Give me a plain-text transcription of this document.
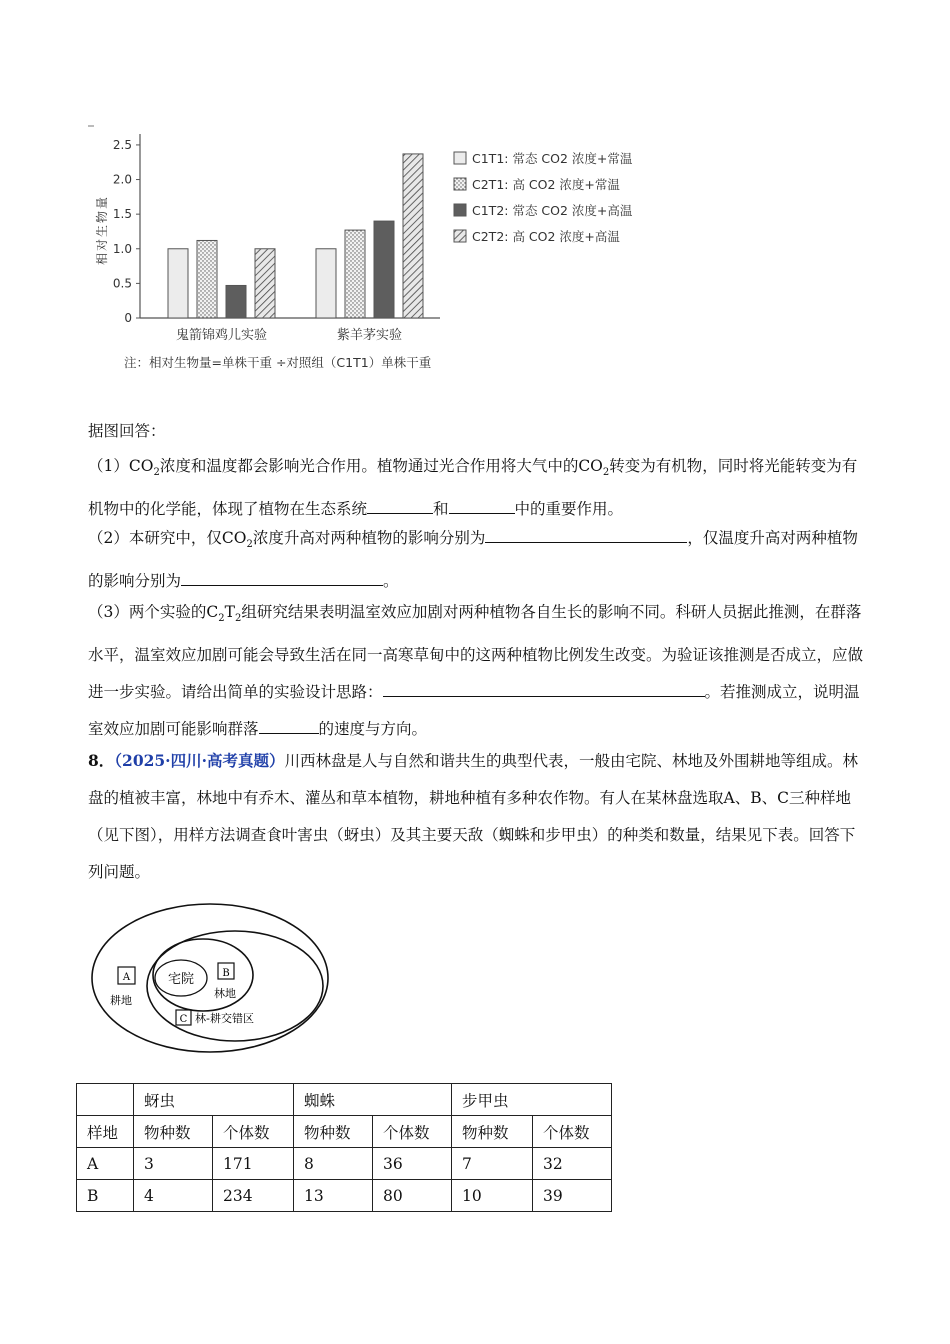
0
0.5
1.0
1.5
2.0
2.5
相对生物量
鬼箭锦鸡儿实验	紫羊茅实验
C1T1: 常态 CO2 浓度+常温
C2T1: 高 CO2 浓度+常温
C1T2: 常态 CO2 浓度+高温
C2T2: 高 CO2 浓度+高温
注：相对生物量=单株干重 ÷对照组（C1T1）单株干重
据图回答：
$(1)CO_2$浓度和温度都会影响光合作用。植物通过光合作用将大气中的$CO_2$转变为有机物，同时将光能转变为有机物中的化学能，体现了植物在生态系统	和	中的重要作用。
（2）本研究中，仅$CO_2$浓度升高对两种植物的影响分别为	，仅温度升高对两种植物的影响分别为	。
（3）两个实验的$C_2T_2$组研究结果表明温室效应加剧对两种植物各自生长的影响不同。科研人员据此推测，在群落水平，温室效应加剧可能会导致生活在同一高寒草甸中的这两种植物比例发生改变。为验证该推测是否成立，应做进一步实验。请给出简单的实验设计思路：	。若推测成立，说明温室效应加剧可能影响群落	的速度与方向。
8．（2025·四川·高考真题）川西林盘是人与自然和谐共生的典型代表，一般由宅院、林地及外围耕地等组成。林盘的植被丰富，林地中有乔木、灌丛和草本植物，耕地种植有多种农作物。有人在某林盘选取A、B、C三种样地（见下图），用样方法调查食叶害虫（蚜虫）及其主要天敌（蜘蛛和步甲虫）的种类和数量，结果见下表。回答下列问题。
宅院	B
林地
A
耕地
C 林-耕交错区
	蚜虫		蜘蛛		步甲虫	
样地	物种数	个体数	物种数	个体数	物种数	个体数
A	3	171	8	36	7	32
B	4	234	13	80	10	39
